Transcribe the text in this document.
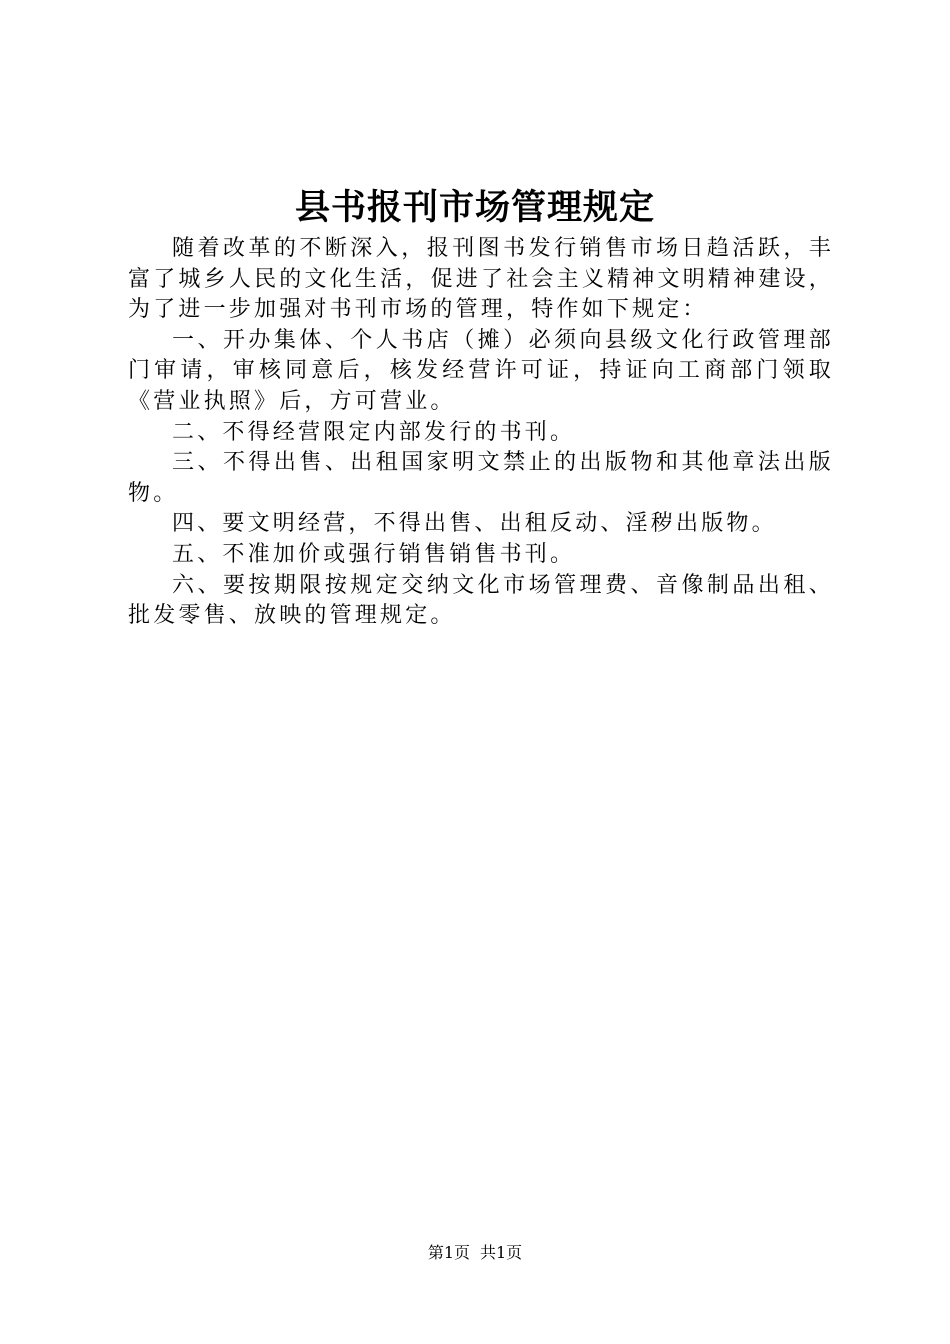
县书报刊市场管理规定

随着改革的不断深入，报刊图书发行销售市场日趋活跃，丰富了城乡人民的文化生活，促进了社会主义精神文明精神建设，为了进一步加强对书刊市场的管理，特作如下规定：

一、开办集体、个人书店（摊）必须向县级文化行政管理部门审请，审核同意后，核发经营许可证，持证向工商部门领取《营业执照》后，方可营业。

二、不得经营限定内部发行的书刊。

三、不得出售、出租国家明文禁止的出版物和其他章法出版物。

四、要文明经营，不得出售、出租反动、淫秽出版物。

五、不准加价或强行销售销售书刊。

六、要按期限按规定交纳文化市场管理费、音像制品出租、批发零售、放映的管理规定。

第1页 共1页
